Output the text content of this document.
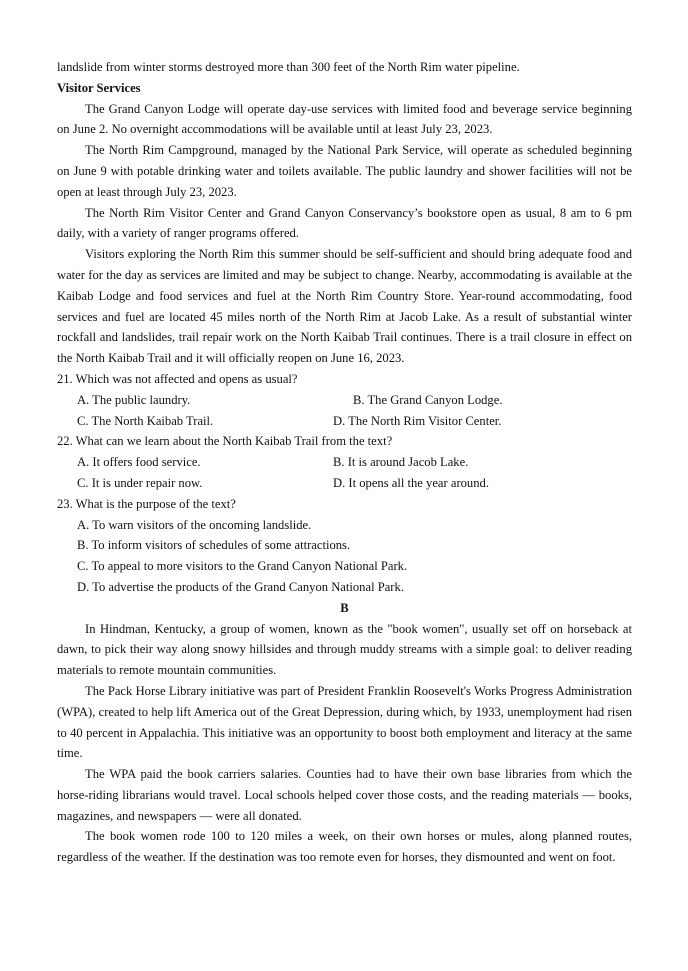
landslide from winter storms destroyed more than 300 feet of the North Rim water pipeline.

Visitor Services

The Grand Canyon Lodge will operate day-use services with limited food and beverage service beginning on June 2. No overnight accommodations will be available until at least July 23, 2023.

The North Rim Campground, managed by the National Park Service, will operate as scheduled beginning on June 9 with potable drinking water and toilets available. The public laundry and shower facilities will not be open at least through July 23, 2023.

The North Rim Visitor Center and Grand Canyon Conservancy’s bookstore open as usual, 8 am to 6 pm daily, with a variety of ranger programs offered.

Visitors exploring the North Rim this summer should be self-sufficient and should bring adequate food and water for the day as services are limited and may be subject to change. Nearby, accommodating is available at the Kaibab Lodge and food services and fuel at the North Rim Country Store. Year-round accommodating, food services and fuel are located 45 miles north of the North Rim at Jacob Lake. As a result of substantial winter rockfall and landslides, trail repair work on the North Kaibab Trail continues. There is a trail closure in effect on the North Kaibab Trail and it will officially reopen on June 16, 2023.

21. Which was not affected and opens as usual?

A. The public laundry.	B. The Grand Canyon Lodge.
C. The North Kaibab Trail.	D. The North Rim Visitor Center.

22. What can we learn about the North Kaibab Trail from the text?

A. It offers food service.	B. It is around Jacob Lake.
C. It is under repair now.	D. It opens all the year around.

23. What is the purpose of the text?

A. To warn visitors of the oncoming landslide.
B. To inform visitors of schedules of some attractions.
C. To appeal to more visitors to the Grand Canyon National Park.
D. To advertise the products of the Grand Canyon National Park.

B

In Hindman, Kentucky, a group of women, known as the "book women", usually set off on horseback at dawn, to pick their way along snowy hillsides and through muddy streams with a simple goal: to deliver reading materials to remote mountain communities.

The Pack Horse Library initiative was part of President Franklin Roosevelt's Works Progress Administration (WPA), created to help lift America out of the Great Depression, during which, by 1933, unemployment had risen to 40 percent in Appalachia. This initiative was an opportunity to boost both employment and literacy at the same time.

The WPA paid the book carriers salaries. Counties had to have their own base libraries from which the horse-riding librarians would travel. Local schools helped cover those costs, and the reading materials — books, magazines, and newspapers — were all donated.

The book women rode 100 to 120 miles a week, on their own horses or mules, along planned routes, regardless of the weather. If the destination was too remote even for horses, they dismounted and went on foot.
